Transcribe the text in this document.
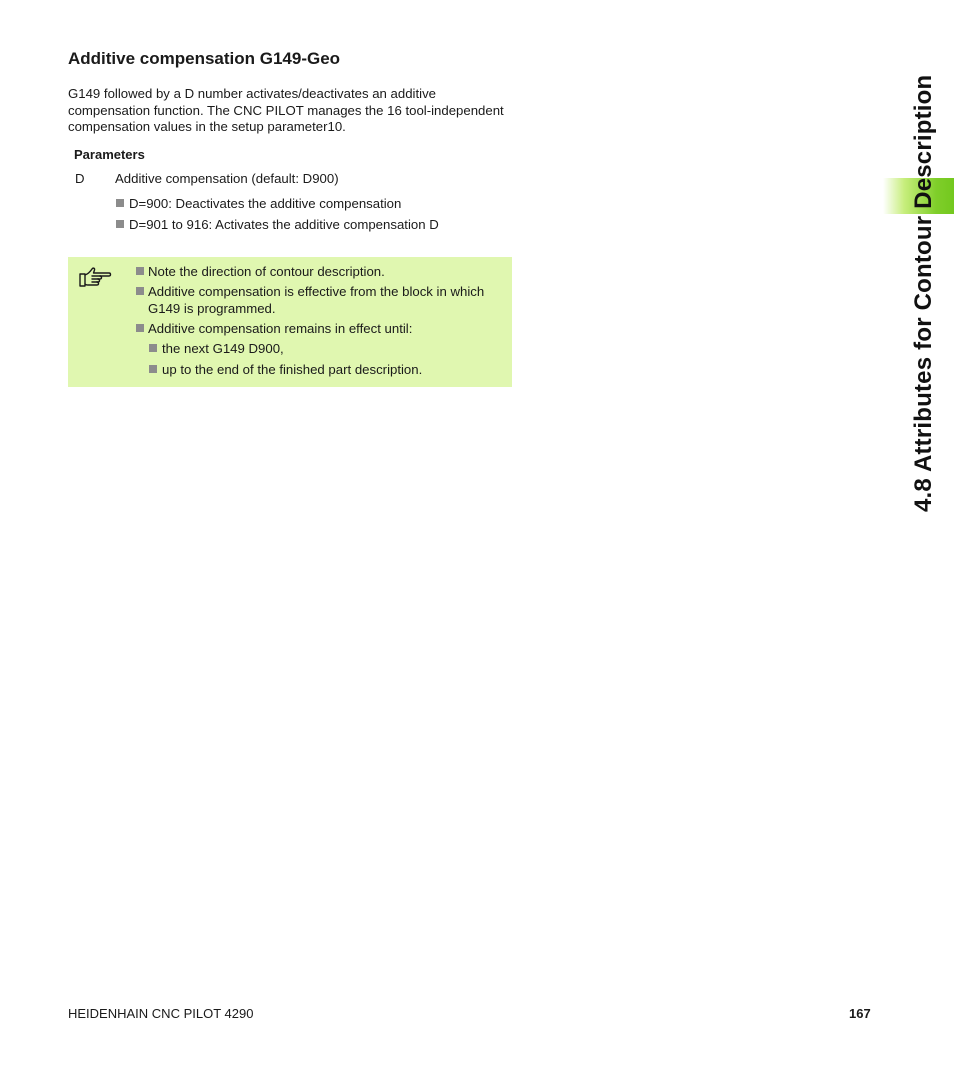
Additive compensation G149-Geo

G149 followed by a D number activates/deactivates an additive compensation function. The CNC PILOT manages the 16 tool-independent compensation values in the setup parameter10.

Parameters
D Additive compensation (default: D900)
D=900: Deactivates the additive compensation
D=901 to 916: Activates the additive compensation D
Note the direction of contour description.
Additive compensation is effective from the block in which G149 is programmed.
Additive compensation remains in effect until:
the next G149 D900,
up to the end of the finished part description.	4.8 Attributes for Contour Description
HEIDENHAIN CNC PILOT 4290	167
